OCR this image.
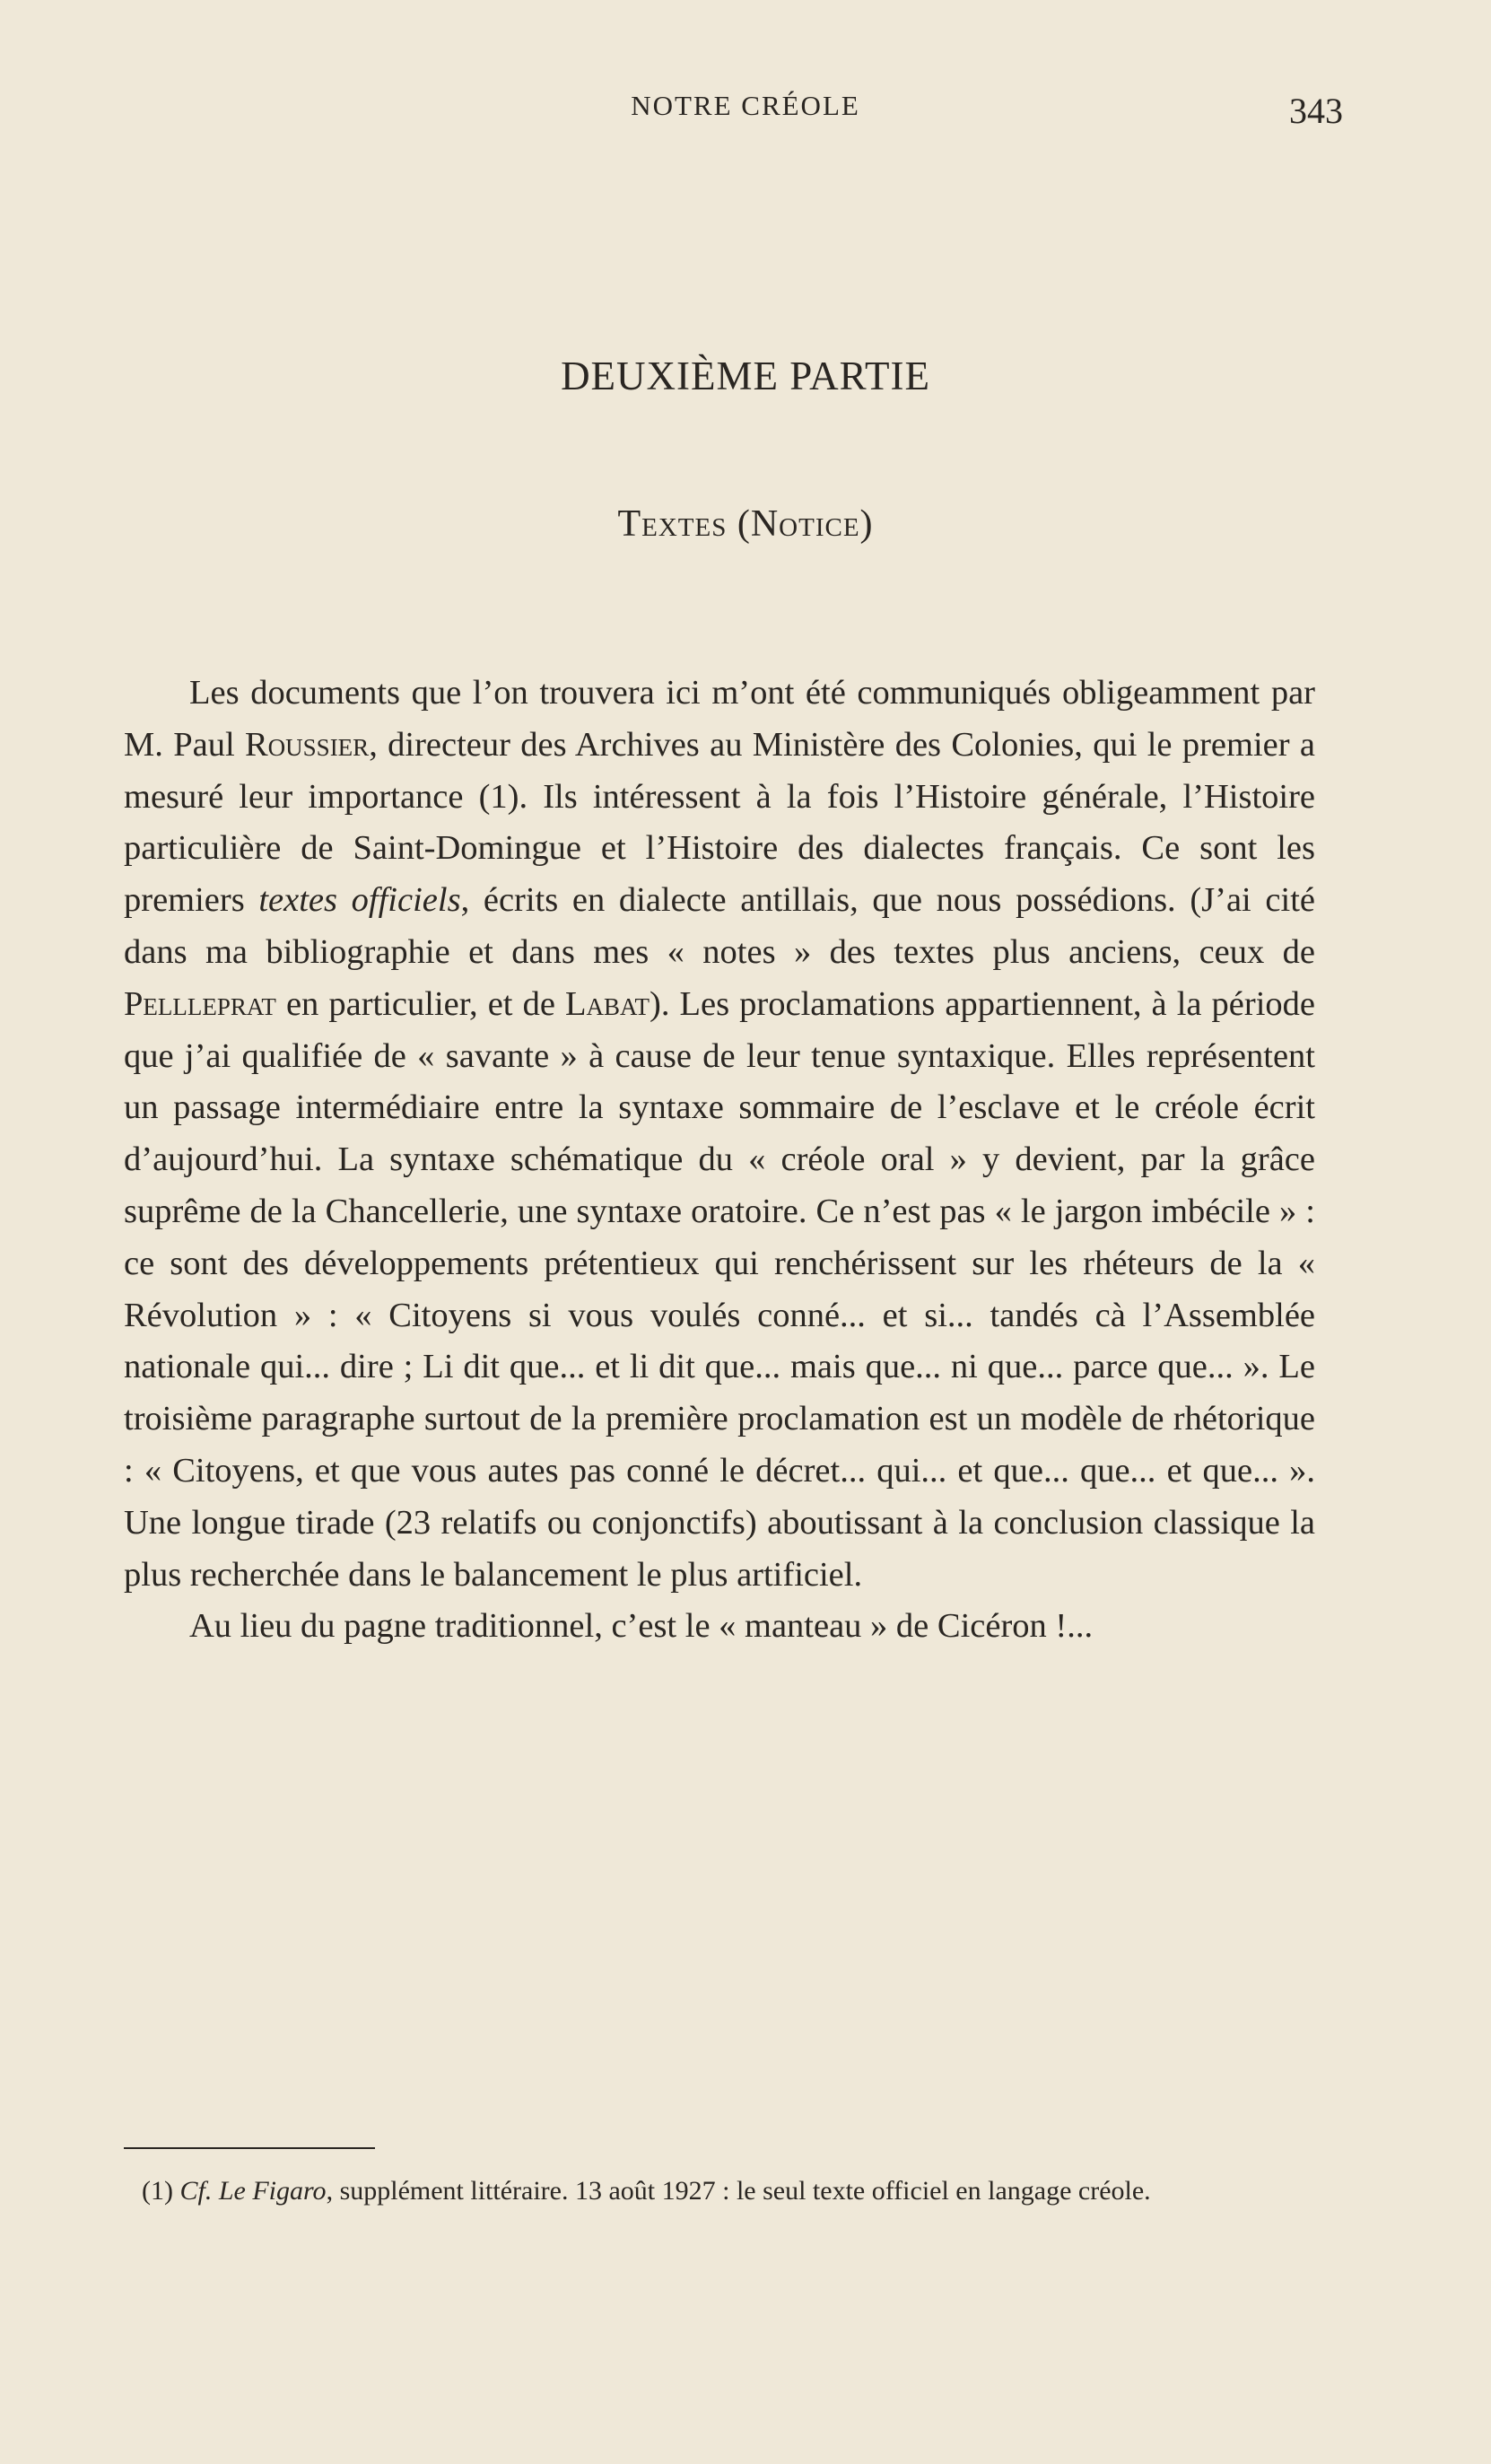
NOTRE CRÉOLE	343
DEUXIÈME PARTIE
Textes (Notice)

Les documents que l’on trouvera ici m’ont été communiqués obligeamment par M. Paul Roussier, directeur des Archives au Ministère des Colonies, qui le premier a mesuré leur importance (1). Ils intéressent à la fois l’Histoire générale, l’Histoire particulière de Saint-Domingue et l’Histoire des dialectes français. Ce sont les premiers textes officiels, écrits en dialecte antillais, que nous possédions. (J’ai cité dans ma bibliographie et dans mes « notes » des textes plus anciens, ceux de Pellleprat en particulier, et de Labat). Les proclamations appartiennent, à la période que j’ai qualifiée de « savante » à cause de leur tenue syntaxique. Elles représentent un passage intermédiaire entre la syntaxe sommaire de l’esclave et le créole écrit d’aujourd’hui. La syntaxe schématique du « créole oral » y devient, par la grâce suprême de la Chancellerie, une syntaxe oratoire. Ce n’est pas « le jargon imbécile » : ce sont des développements prétentieux qui renchérissent sur les rhéteurs de la « Révolution » : « Citoyens si vous voulés conné... et si... tandés cà l’Assemblée nationale qui... dire ; Li dit que... et li dit que... mais que... ni que... parce que... ». Le troisième paragraphe surtout de la première proclamation est un modèle de rhétorique : « Citoyens, et que vous autes pas conné le décret... qui... et que... que... et que... ». Une longue tirade (23 relatifs ou conjonctifs) aboutissant à la conclusion classique la plus recherchée dans le balancement le plus artificiel.

Au lieu du pagne traditionnel, c’est le « manteau » de Cicéron !...

(1) Cf. Le Figaro, supplément littéraire. 13 août 1927 : le seul texte officiel en langage créole.
